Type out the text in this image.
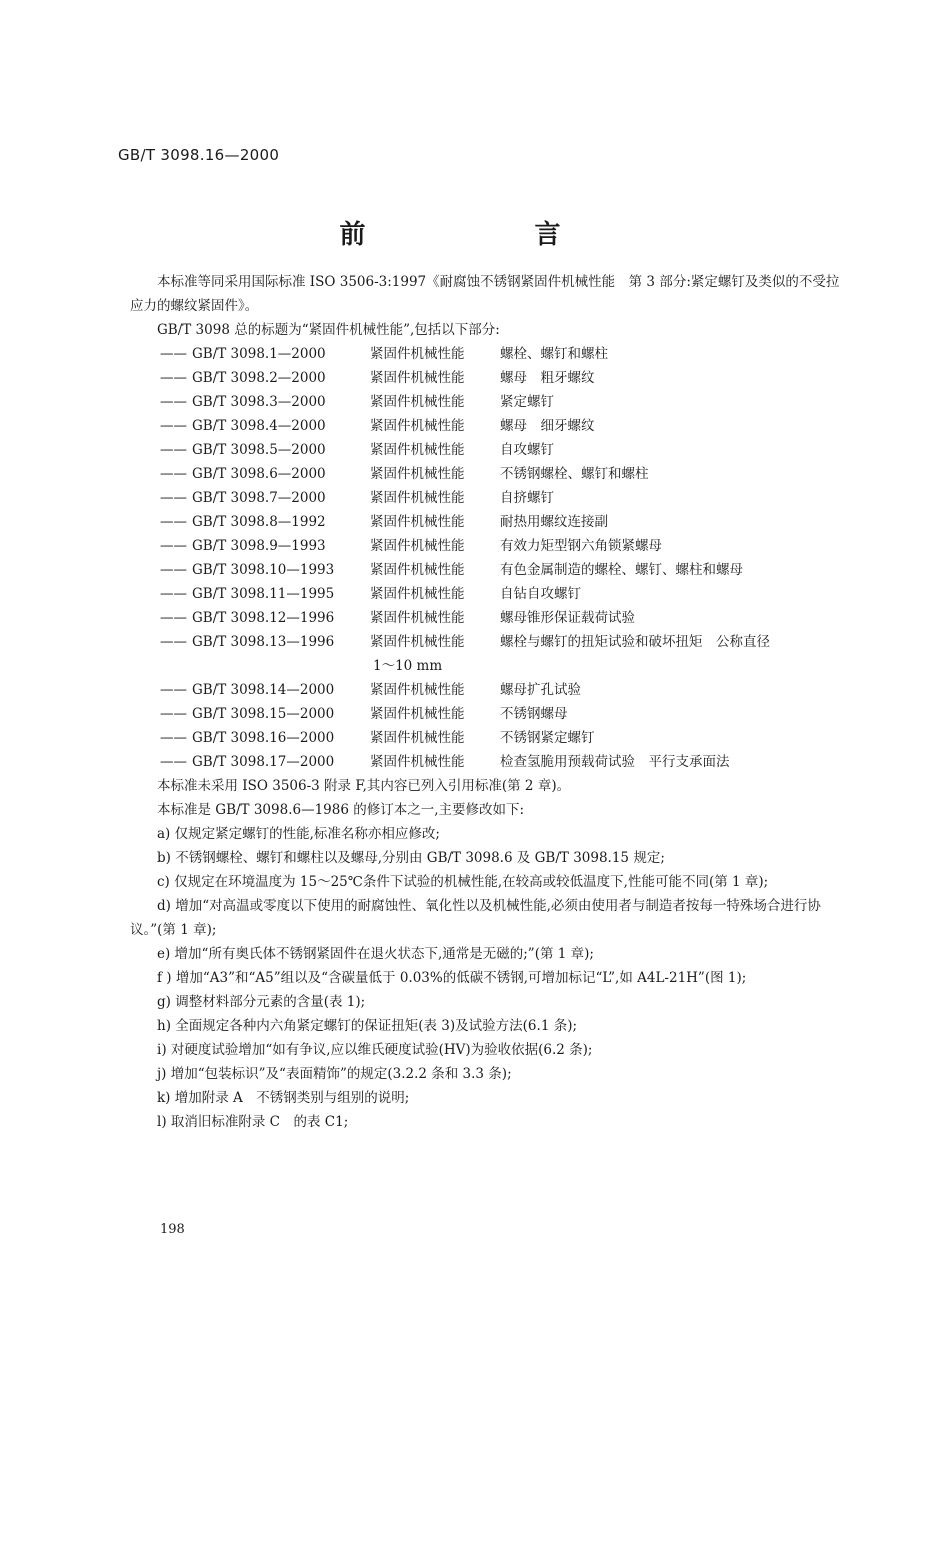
GB/T 3098.16—2000
前 言

本标准等同采用国际标准 ISO 3506-3:1997《耐腐蚀不锈钢紧固件机械性能　第 3 部分:紧定螺钉及类似的不受拉应力的螺纹紧固件》。

GB/T 3098 总的标题为“紧固件机械性能”,包括以下部分:

—— GB/T 3098.1—2000	紧固件机械性能	螺栓、螺钉和螺柱
—— GB/T 3098.2—2000	紧固件机械性能	螺母　粗牙螺纹
—— GB/T 3098.3—2000	紧固件机械性能	紧定螺钉
—— GB/T 3098.4—2000	紧固件机械性能	螺母　细牙螺纹
—— GB/T 3098.5—2000	紧固件机械性能	自攻螺钉
—— GB/T 3098.6—2000	紧固件机械性能	不锈钢螺栓、螺钉和螺柱
—— GB/T 3098.7—2000	紧固件机械性能	自挤螺钉
—— GB/T 3098.8—1992	紧固件机械性能	耐热用螺纹连接副
—— GB/T 3098.9—1993	紧固件机械性能	有效力矩型钢六角锁紧螺母
—— GB/T 3098.10—1993	紧固件机械性能	有色金属制造的螺栓、螺钉、螺柱和螺母
—— GB/T 3098.11—1995	紧固件机械性能	自钻自攻螺钉
—— GB/T 3098.12—1996	紧固件机械性能	螺母锥形保证载荷试验
—— GB/T 3098.13—1996	紧固件机械性能	螺栓与螺钉的扭矩试验和破坏扭矩　公称直径
1～10 mm
—— GB/T 3098.14—2000	紧固件机械性能	螺母扩孔试验
—— GB/T 3098.15—2000	紧固件机械性能	不锈钢螺母
—— GB/T 3098.16—2000	紧固件机械性能	不锈钢紧定螺钉
—— GB/T 3098.17—2000	紧固件机械性能	检查氢脆用预载荷试验　平行支承面法

本标准未采用 ISO 3506-3 附录 F,其内容已列入引用标准(第 2 章)。

本标准是 GB/T 3098.6—1986 的修订本之一,主要修改如下:

a) 仅规定紧定螺钉的性能,标准名称亦相应修改;

b) 不锈钢螺栓、螺钉和螺柱以及螺母,分别由 GB/T 3098.6 及 GB/T 3098.15 规定;

c) 仅规定在环境温度为 15～25℃条件下试验的机械性能,在较高或较低温度下,性能可能不同(第 1 章);

d) 增加“对高温或零度以下使用的耐腐蚀性、氧化性以及机械性能,必须由使用者与制造者按每一特殊场合进行协议。”(第 1 章);

e) 增加“所有奥氏体不锈钢紧固件在退火状态下,通常是无磁的;”(第 1 章);

f ) 增加“A3”和“A5”组以及“含碳量低于 0.03%的低碳不锈钢,可增加标记“L”,如 A4L-21H”(图 1);

g) 调整材料部分元素的含量(表 1);

h) 全面规定各种内六角紧定螺钉的保证扭矩(表 3)及试验方法(6.1 条);

i) 对硬度试验增加“如有争议,应以维氏硬度试验(HV)为验收依据(6.2 条);

j) 增加“包装标识”及“表面精饰”的规定(3.2.2 条和 3.3 条);

k) 增加附录 A　不锈钢类别与组别的说明;

l) 取消旧标准附录 C　的表 C1;

198
